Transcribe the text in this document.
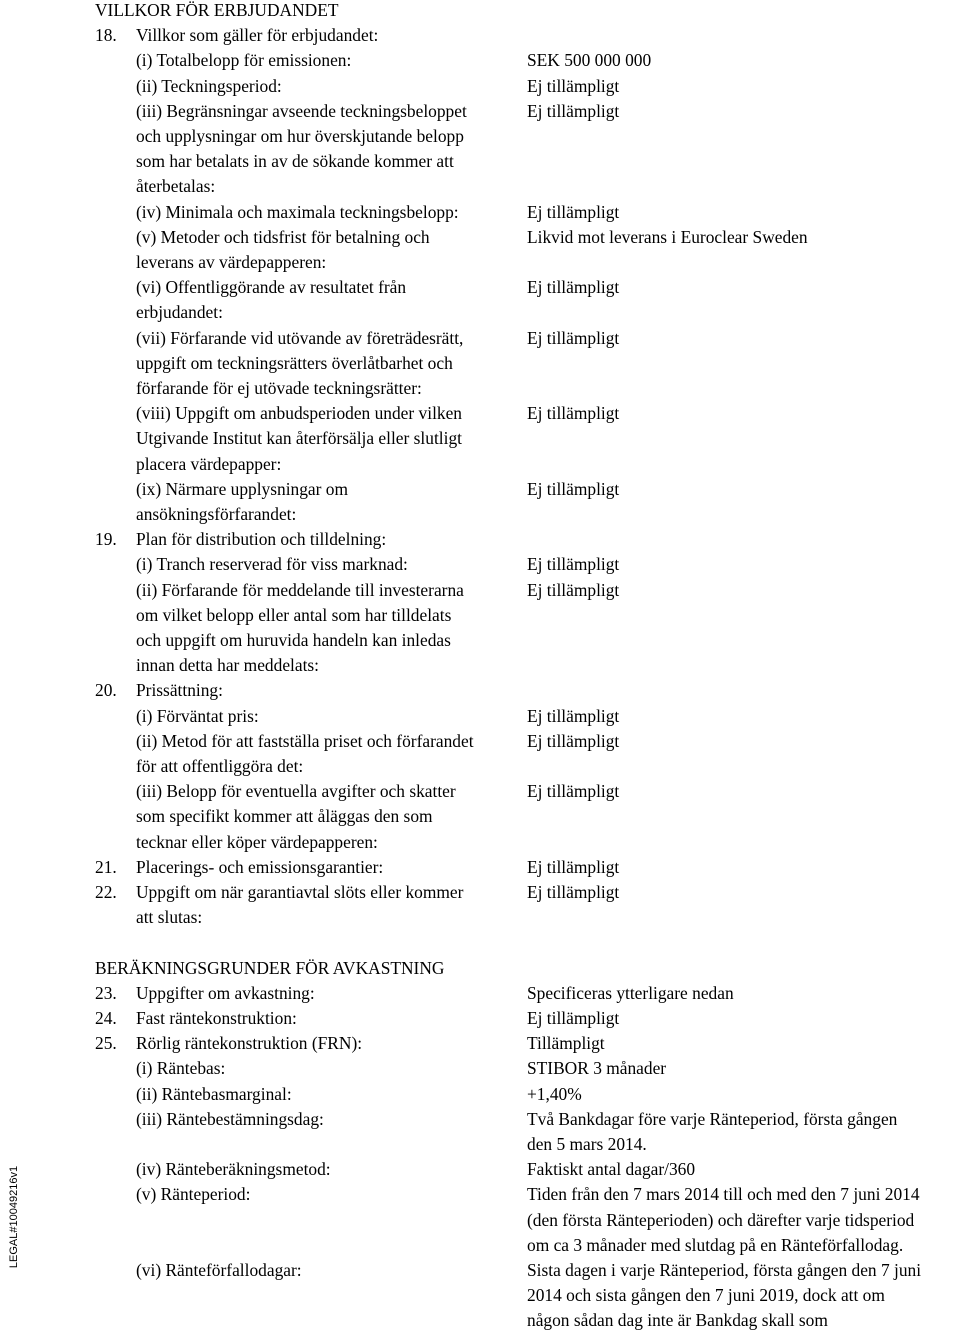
VILLKOR FÖR ERBJUDANDET
18. Villkor som gäller för erbjudandet:
(i) Totalbelopp för emissionen:	SEK 500 000 000
(ii) Teckningsperiod:	Ej tillämpligt
(iii) Begränsningar avseende teckningsbeloppet	Ej tillämpligt
och upplysningar om hur överskjutande belopp
som har betalats in av de sökande kommer att
återbetalas:
(iv) Minimala och maximala teckningsbelopp:	Ej tillämpligt
(v) Metoder och tidsfrist för betalning och	Likvid mot leverans i Euroclear Sweden
leverans av värdepapperen:
(vi) Offentliggörande av resultatet från	Ej tillämpligt
erbjudandet:
(vii) Förfarande vid utövande av företrädesrätt,	Ej tillämpligt
uppgift om teckningsrätters överlåtbarhet och
förfarande för ej utövade teckningsrätter:
(viii) Uppgift om anbudsperioden under vilken	Ej tillämpligt
Utgivande Institut kan återförsälja eller slutligt
placera värdepapper:
(ix) Närmare upplysningar om	Ej tillämpligt
ansökningsförfarandet:
19. Plan för distribution och tilldelning:
(i) Tranch reserverad för viss marknad:	Ej tillämpligt
(ii) Förfarande för meddelande till investerarna	Ej tillämpligt
om vilket belopp eller antal som har tilldelats
och uppgift om huruvida handeln kan inledas
innan detta har meddelats:
20. Prissättning:
(i) Förväntat pris:	Ej tillämpligt
(ii) Metod för att fastställa priset och förfarandet	Ej tillämpligt
för att offentliggöra det:
(iii) Belopp för eventuella avgifter och skatter	Ej tillämpligt
som specifikt kommer att åläggas den som
tecknar eller köper värdepapperen:
21. Placerings- och emissionsgarantier:	Ej tillämpligt
22. Uppgift om när garantiavtal slöts eller kommer	Ej tillämpligt
att slutas:
BERÄKNINGSGRUNDER FÖR AVKASTNING
23. Uppgifter om avkastning:	Specificeras ytterligare nedan
24. Fast räntekonstruktion:	Ej tillämpligt
25. Rörlig räntekonstruktion (FRN):	Tillämpligt
(i) Räntebas:	STIBOR 3 månader
(ii) Räntebasmarginal:	+1,40%
(iii) Räntebestämningsdag:	Två Bankdagar före varje Ränteperiod, första gången
den 5 mars 2014.
(iv) Ränteberäkningsmetod:	Faktiskt antal dagar/360
(v) Ränteperiod:	Tiden från den 7 mars 2014 till och med den 7 juni 2014
(den första Ränteperioden) och därefter varje tidsperiod
om ca 3 månader med slutdag på en Ränteförfallodag.
(vi) Ränteförfallodagar:	Sista dagen i varje Ränteperiod, första gången den 7 juni
2014 och sista gången den 7 juni 2019, dock att om
någon sådan dag inte är Bankdag skall som
LEGAL#10049216v1
